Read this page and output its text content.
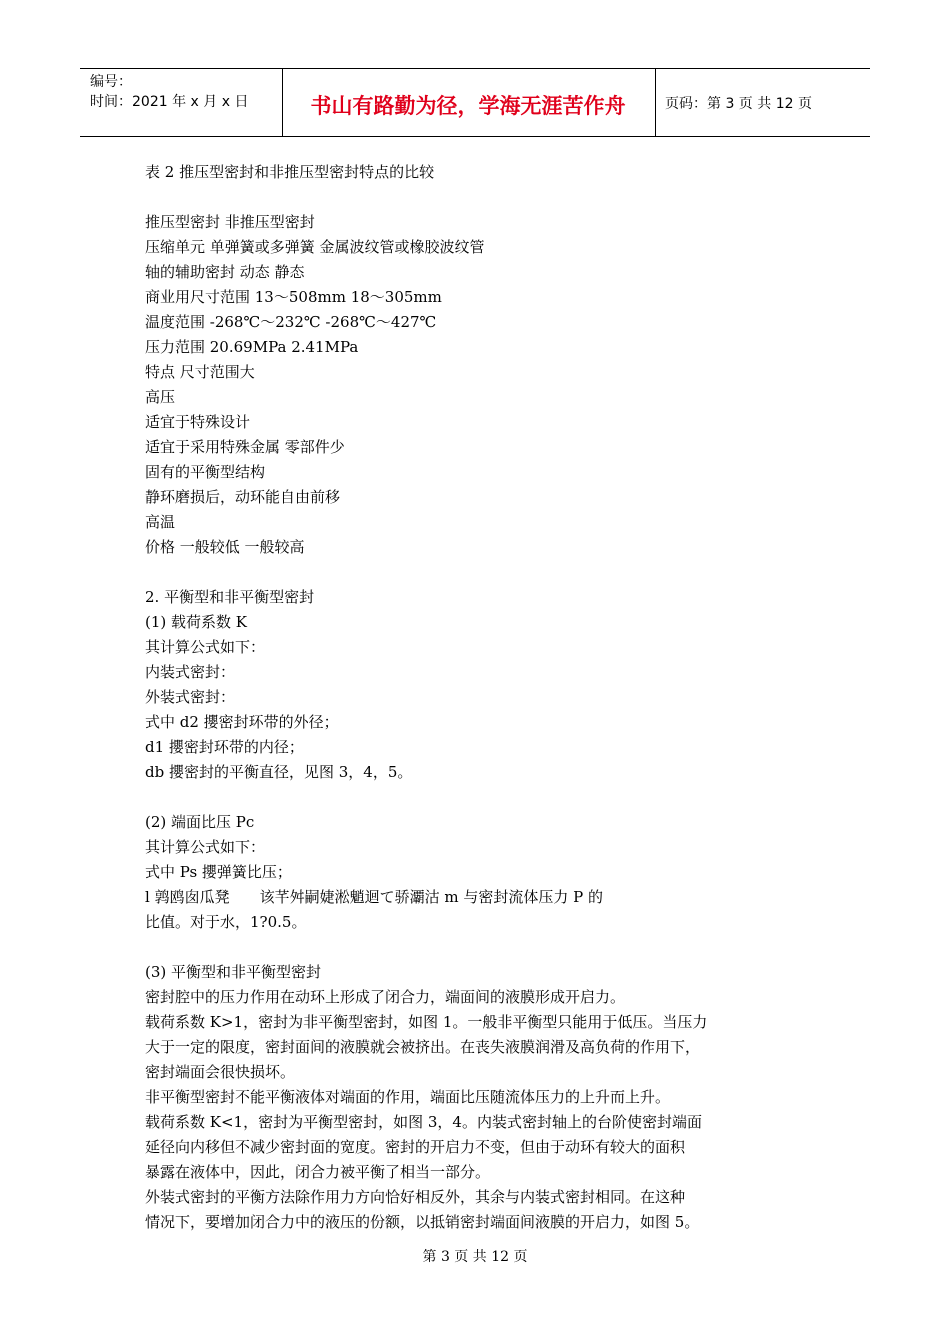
编号：
时间：2021 年 x 月 x 日	书山有路勤为径，学海无涯苦作舟	页码：第 3 页 共 12 页
表 2 推压型密封和非推压型密封特点的比较
推压型密封 非推压型密封
压缩单元 单弹簧或多弹簧 金属波纹管或橡胶波纹管
轴的辅助密封 动态 静态
商业用尺寸范围 13～508mm 18～305mm
温度范围 -268℃～232℃ -268℃～427℃
压力范围 20.69MPa 2.41MPa
特点 尺寸范围大
高压
适宜于特殊设计
适宜于采用特殊金属 零部件少
固有的平衡型结构
静环磨损后，动环能自由前移
高温
价格 一般较低 一般较高
2. 平衡型和非平衡型密封
(1) 载荷系数 K
其计算公式如下：
内装式密封：
外装式密封：
式中 d2 攖密封环带的外径；
d1 攖密封环带的内径；
db 攖密封的平衡直径，见图 3，4，5。
(2) 端面比压 Pc
其计算公式如下：
式中 Ps 攖弹簧比压；
l 鹑鸥囱瓜凳　　该芊舛嗣婕淞魈迴て骄㶚沽 m 与密封流体压力 P 的
比值。对于水，1?0.5。
(3) 平衡型和非平衡型密封
密封腔中的压力作用在动环上形成了闭合力，端面间的液膜形成开启力。
载荷系数 K>1，密封为非平衡型密封，如图 1。一般非平衡型只能用于低压。当压力
大于一定的限度，密封面间的液膜就会被挤出。在丧失液膜润滑及高负荷的作用下，
密封端面会很快损坏。
非平衡型密封不能平衡液体对端面的作用，端面比压随流体压力的上升而上升。
载荷系数 K<1，密封为平衡型密封，如图 3，4。内装式密封轴上的台阶使密封端面
延径向内移但不减少密封面的宽度。密封的开启力不变，但由于动环有较大的面积
暴露在液体中，因此，闭合力被平衡了相当一部分。
外装式密封的平衡方法除作用力方向恰好相反外，其余与内装式密封相同。在这种
情况下，要增加闭合力中的液压的份额，以抵销密封端面间液膜的开启力，如图 5。
第 3 页 共 12 页
